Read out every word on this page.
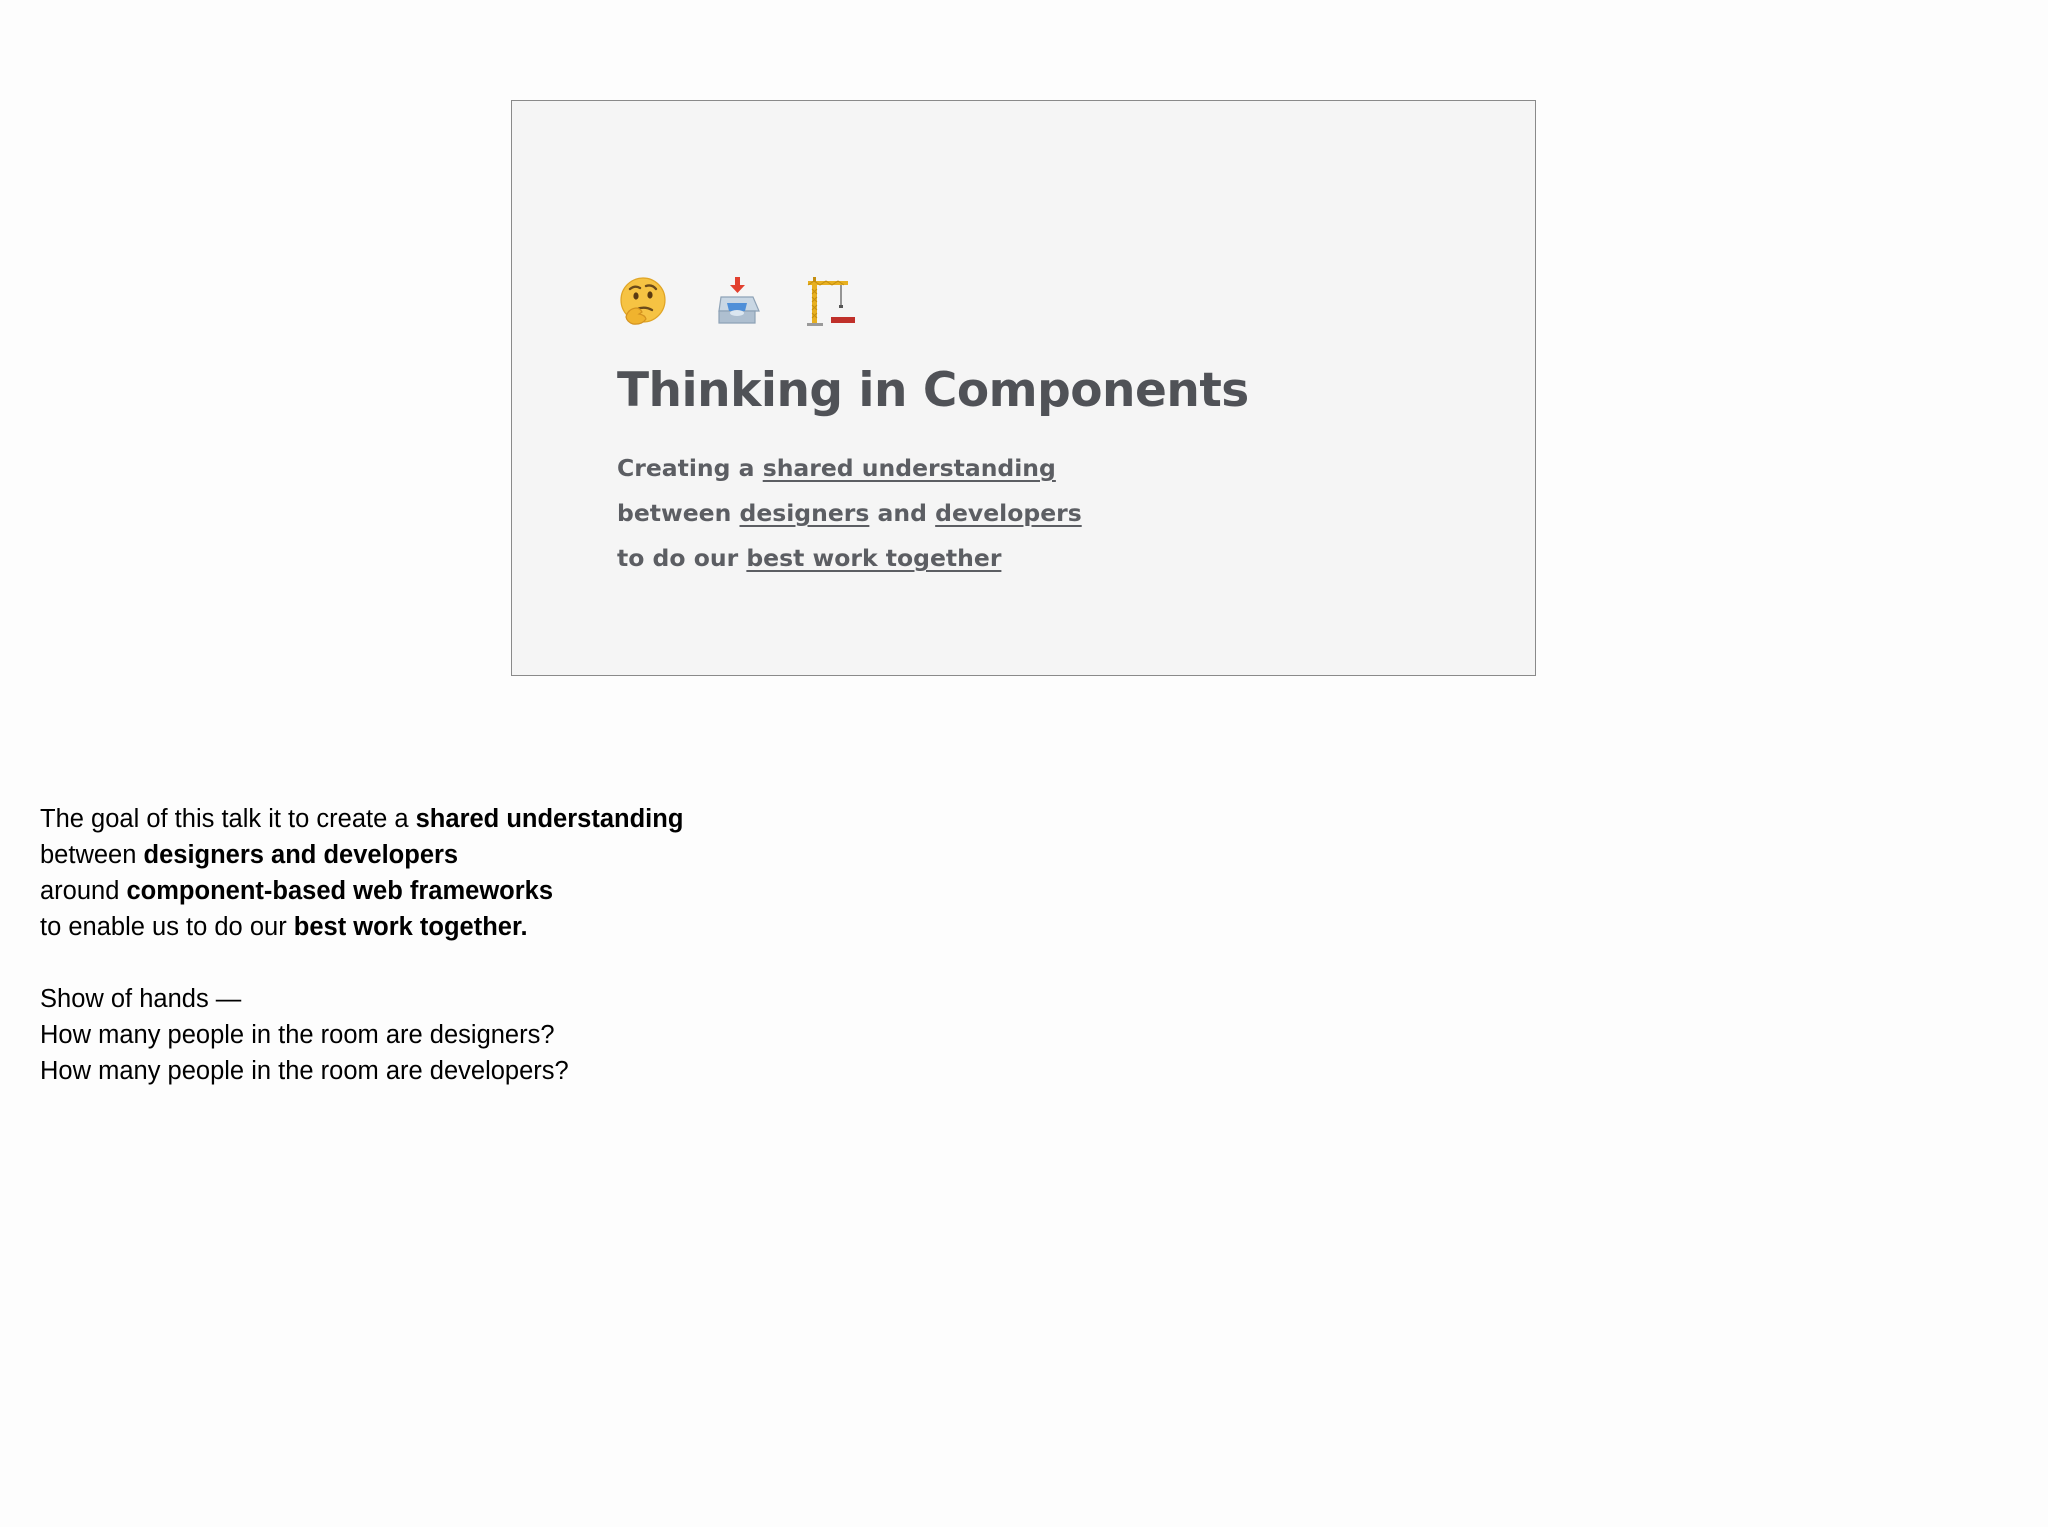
Thinking in Components
Creating a shared understanding
between designers and developers
to do our best work together
The goal of this talk it to create a shared understanding
between designers and developers
around component-based web frameworks
to enable us to do our best work together.
Show of hands —
How many people in the room are designers?
How many people in the room are developers?
